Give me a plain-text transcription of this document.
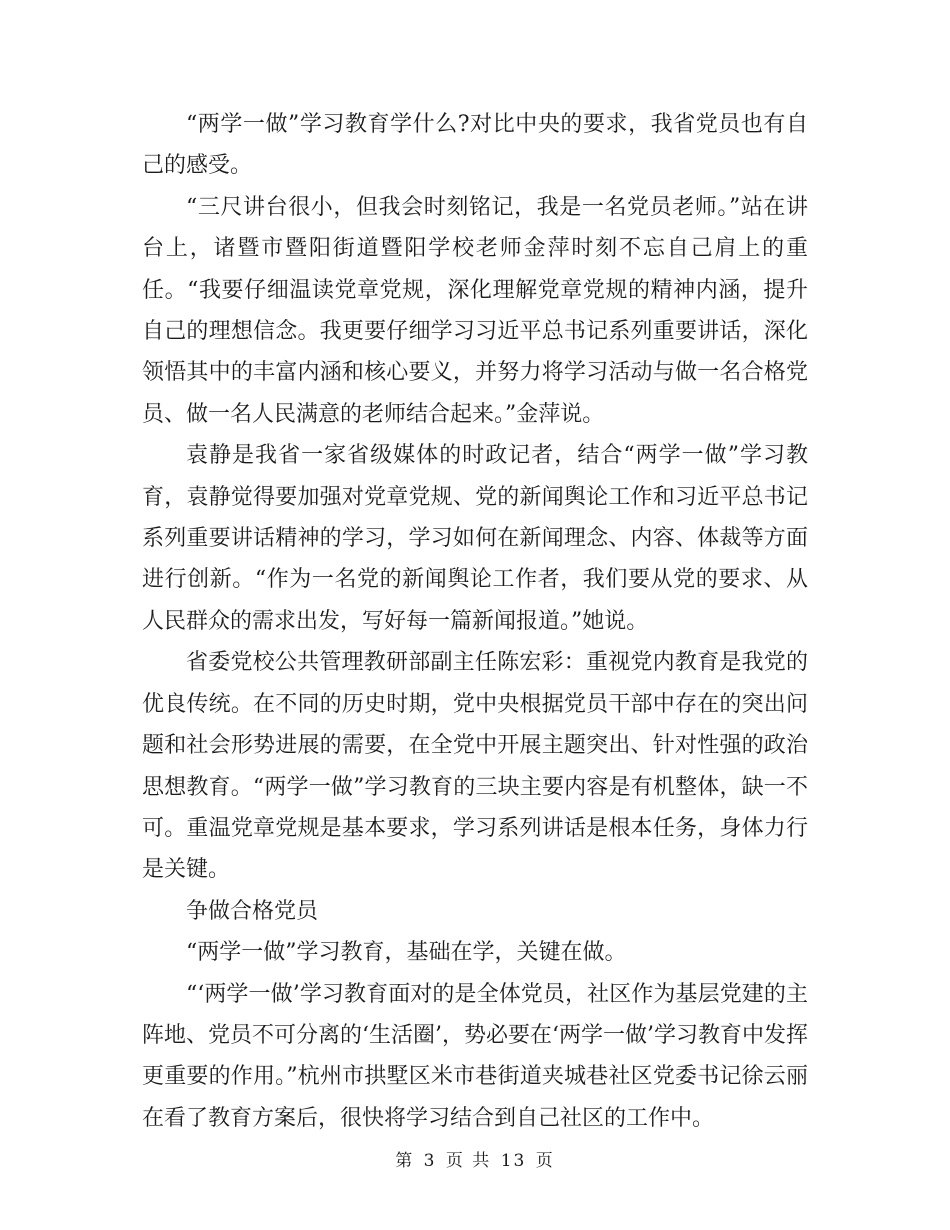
“两学一做”学习教育学什么?对比中央的要求，我省党员也有自己的感受。

“三尺讲台很小，但我会时刻铭记，我是一名党员老师。”站在讲台上，诸暨市暨阳街道暨阳学校老师金萍时刻不忘自己肩上的重任。“我要仔细温读党章党规，深化理解党章党规的精神内涵，提升自己的理想信念。我更要仔细学习习近平总书记系列重要讲话，深化领悟其中的丰富内涵和核心要义，并努力将学习活动与做一名合格党员、做一名人民满意的老师结合起来。”金萍说。

袁静是我省一家省级媒体的时政记者，结合“两学一做”学习教育，袁静觉得要加强对党章党规、党的新闻舆论工作和习近平总书记系列重要讲话精神的学习，学习如何在新闻理念、内容、体裁等方面进行创新。“作为一名党的新闻舆论工作者，我们要从党的要求、从人民群众的需求出发，写好每一篇新闻报道。”她说。

省委党校公共管理教研部副主任陈宏彩：重视党内教育是我党的优良传统。在不同的历史时期，党中央根据党员干部中存在的突出问题和社会形势进展的需要，在全党中开展主题突出、针对性强的政治思想教育。“两学一做”学习教育的三块主要内容是有机整体，缺一不可。重温党章党规是基本要求，学习系列讲话是根本任务，身体力行是关键。

争做合格党员

“两学一做”学习教育，基础在学，关键在做。

“‘两学一做’学习教育面对的是全体党员，社区作为基层党建的主阵地、党员不可分离的‘生活圈’，势必要在‘两学一做’学习教育中发挥更重要的作用。”杭州市拱墅区米市巷街道夹城巷社区党委书记徐云丽在看了教育方案后，很快将学习结合到自己社区的工作中。

第 3 页 共 13 页
